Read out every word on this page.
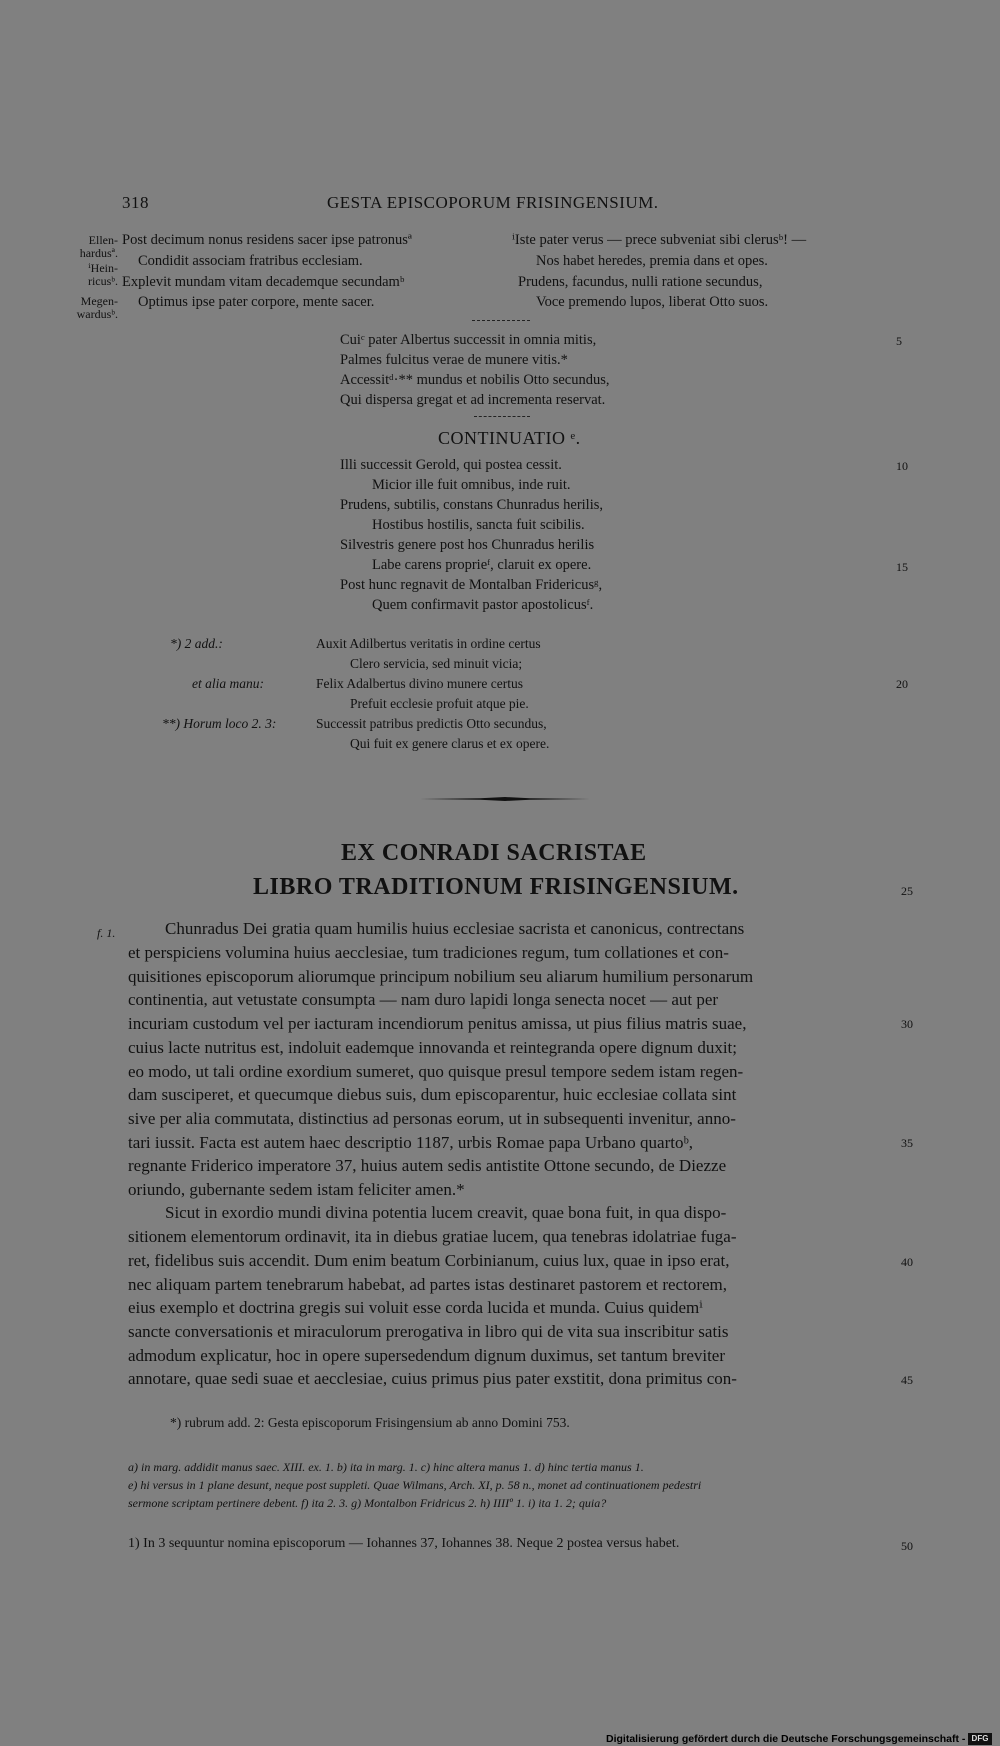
318	GESTA EPISCOPORUM FRISINGENSIUM.
Ellen-
hardusª.
ⁱHein-
ricusᵇ.
Megen-
wardusᵇ.
Post decimum nonus residens sacer ipse patronusª
Condidit associam fratribus ecclesiam.
Explevit mundam vitam decademque secundamᵇ
Optimus ipse pater corpore, mente sacer.
ⁱIste pater verus — prece subveniat sibi clerusᵇ! —
Nos habet heredes, premia dans et opes.
Prudens, facundus, nulli ratione secundus,
Voce premendo lupos, liberat Otto suos.
Cuiᶜ pater Albertus successit in omnia mitis,
Palmes fulcitus verae de munere vitis.*
Accessitᵈ·** mundus et nobilis Otto secundus,
Qui dispersa gregat et ad incrementa reservat.
CONTINUATIO ᵉ.
Illi successit Gerold, qui postea cessit.
Micior ille fuit omnibus, inde ruit.
Prudens, subtilis, constans Chunradus herilis,
Hostibus hostilis, sancta fuit scibilis.
Silvestris genere post hos Chunradus herilis
Labe carens proprieᶠ, claruit ex opere.
Post hunc regnavit de Montalban Fridericusᵍ,
Quem confirmavit pastor apostolicusᶠ.
*) 2 add.:
et alia manu:
**) Horum loco 2. 3:
Auxit Adilbertus veritatis in ordine certus
Clero servicia, sed minuit vicia;
Felix Adalbertus divino munere certus
Prefuit ecclesie profuit atque pie.
Successit patribus predictis Otto secundus,
Qui fuit ex genere clarus et ex opere.
5
10
15
20
25
30
35
40
45
50
EX CONRADI SACRISTAE
LIBRO TRADITIONUM FRISINGENSIUM.
f. 1.	Chunradus Dei gratia quam humilis huius ecclesiae sacrista et canonicus, contrectans
et perspiciens volumina huius aecclesiae, tum tradiciones regum, tum collationes et con-
quisitiones episcoporum aliorumque principum nobilium seu aliarum humilium personarum
continentia, aut vetustate consumpta — nam duro lapidi longa senecta nocet — aut per
incuriam custodum vel per iacturam incendiorum penitus amissa, ut pius filius matris suae,
cuius lacte nutritus est, indoluit eademque innovanda et reintegranda opere dignum duxit;
eo modo, ut tali ordine exordium sumeret, quo quisque presul tempore sedem istam regen-
dam susciperet, et quecumque diebus suis, dum episcoparentur, huic ecclesiae collata sint
sive per alia commutata, distinctius ad personas eorum, ut in subsequenti invenitur, anno-
tari iussit. Facta est autem haec descriptio 1187, urbis Romae papa Urbano quartoᵇ,
regnante Friderico imperatore 37, huius autem sedis antistite Ottone secundo, de Diezze
oriundo, gubernante sedem istam feliciter amen.*
Sicut in exordio mundi divina potentia lucem creavit, quae bona fuit, in qua dispo-
sitionem elementorum ordinavit, ita in diebus gratiae lucem, qua tenebras idolatriae fuga-
ret, fidelibus suis accendit. Dum enim beatum Corbinianum, cuius lux, quae in ipso erat,
nec aliquam partem tenebrarum habebat, ad partes istas destinaret pastorem et rectorem,
eius exemplo et doctrina gregis sui voluit esse corda lucida et munda. Cuius quidemⁱ
sancte conversationis et miraculorum prerogativa in libro qui de vita sua inscribitur satis
admodum explicatur, hoc in opere supersedendum dignum duximus, set tantum breviter
annotare, quae sedi suae et aecclesiae, cuius primus pius pater exstitit, dona primitus con-
*) rubrum add. 2: Gesta episcoporum Frisingensium ab anno Domini 753.
a) in marg. addidit manus saec. XIII. ex. 1. b) ita in marg. 1. c) hinc altera manus 1. d) hinc tertia manus 1.
e) hi versus in 1 plane desunt, neque post suppleti. Quae Wilmans, Arch. XI, p. 58 n., monet ad continuationem pedestri
sermone scriptam pertinere debent. f) ita 2. 3. g) Montalbon Fridricus 2. h) IIIIº 1. i) ita 1. 2; quia?
1) In 3 sequuntur nomina episcoporum — Iohannes 37, Iohannes 38. Neque 2 postea versus habet.
Digitalisierung gefördert durch die Deutsche Forschungsgemeinschaft - DFG
